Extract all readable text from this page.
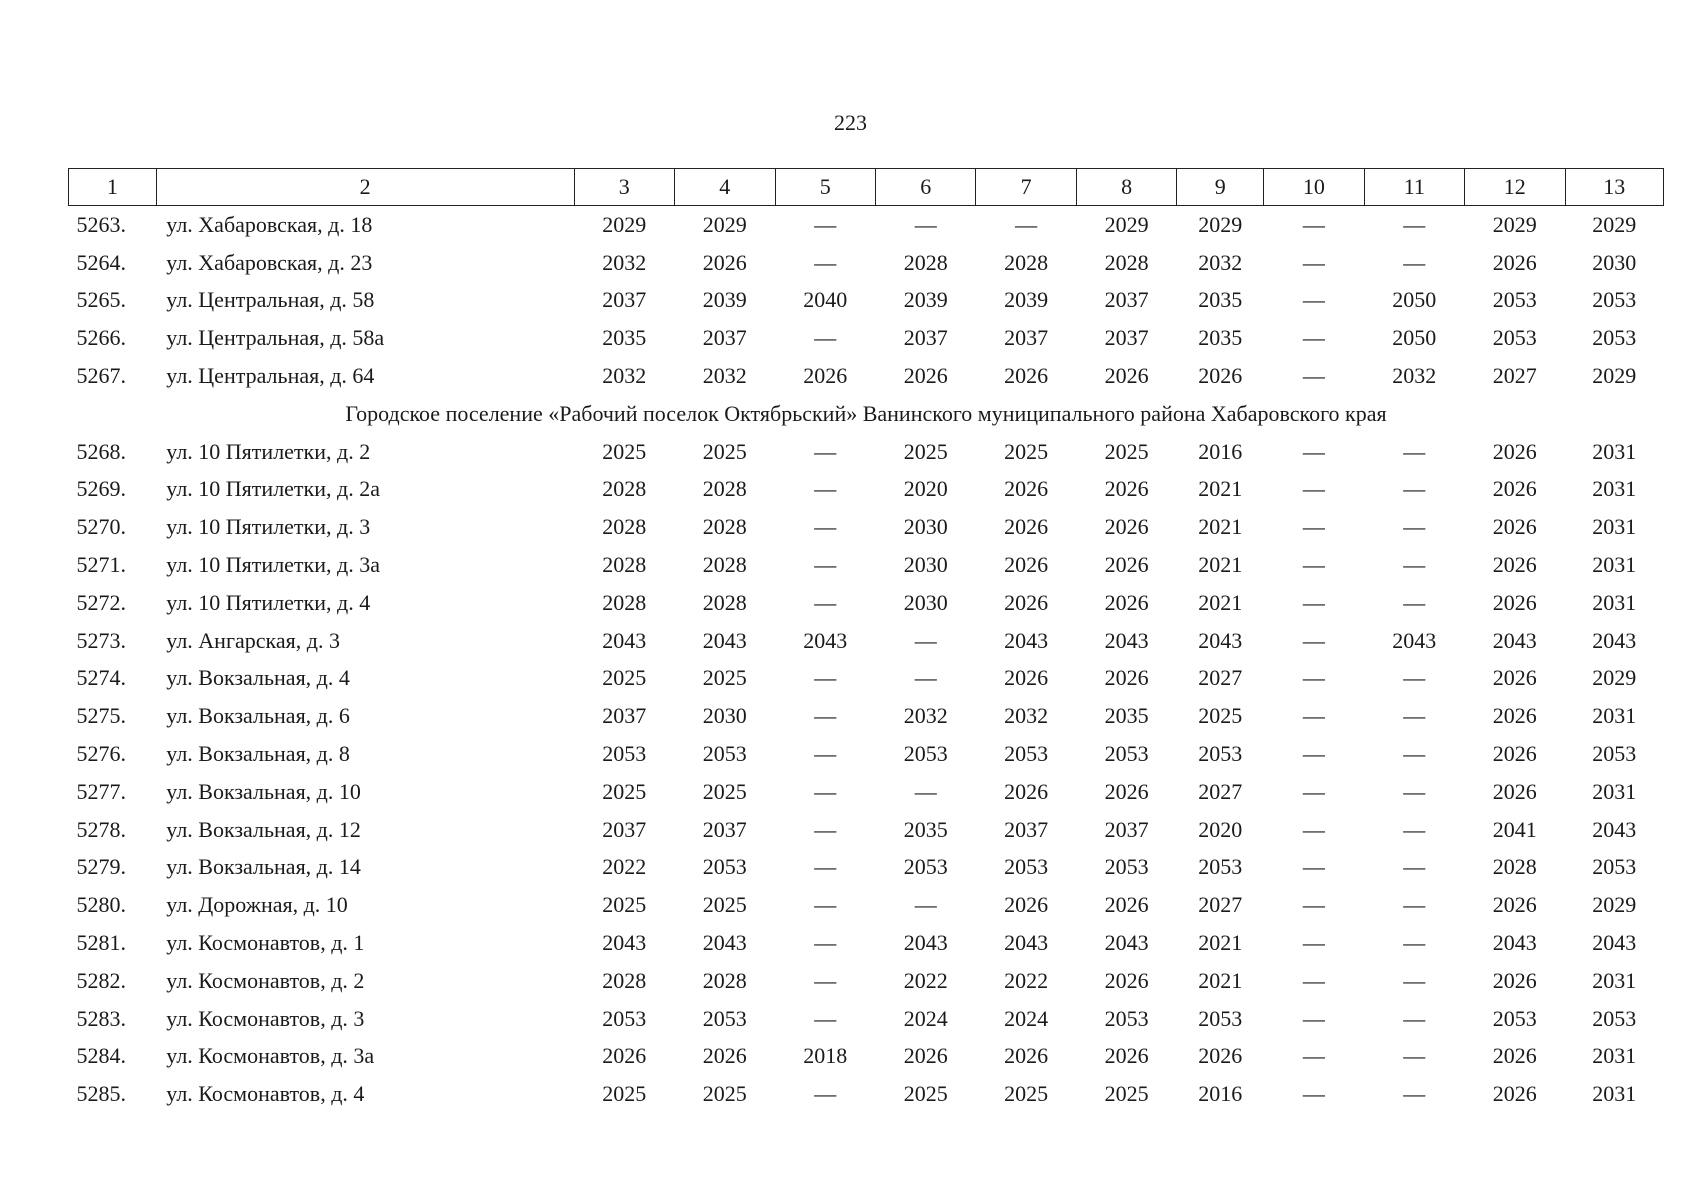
223
1	2	3	4	5	6	7	8	9	10	11	12	13
5263.	ул. Хабаровская, д. 18	2029	2029	—	—	—	2029	2029	—	—	2029	2029
5264.	ул. Хабаровская, д. 23	2032	2026	—	2028	2028	2028	2032	—	—	2026	2030
5265.	ул. Центральная, д. 58	2037	2039	2040	2039	2039	2037	2035	—	2050	2053	2053
5266.	ул. Центральная, д. 58а	2035	2037	—	2037	2037	2037	2035	—	2050	2053	2053
5267.	ул. Центральная, д. 64	2032	2032	2026	2026	2026	2026	2026	—	2032	2027	2029
Городское поселение «Рабочий поселок Октябрьский» Ванинского муниципального района Хабаровского края												
5268.	ул. 10 Пятилетки, д. 2	2025	2025	—	2025	2025	2025	2016	—	—	2026	2031
5269.	ул. 10 Пятилетки, д. 2а	2028	2028	—	2020	2026	2026	2021	—	—	2026	2031
5270.	ул. 10 Пятилетки, д. 3	2028	2028	—	2030	2026	2026	2021	—	—	2026	2031
5271.	ул. 10 Пятилетки, д. 3а	2028	2028	—	2030	2026	2026	2021	—	—	2026	2031
5272.	ул. 10 Пятилетки, д. 4	2028	2028	—	2030	2026	2026	2021	—	—	2026	2031
5273.	ул. Ангарская, д. 3	2043	2043	2043	—	2043	2043	2043	—	2043	2043	2043
5274.	ул. Вокзальная, д. 4	2025	2025	—	—	2026	2026	2027	—	—	2026	2029
5275.	ул. Вокзальная, д. 6	2037	2030	—	2032	2032	2035	2025	—	—	2026	2031
5276.	ул. Вокзальная, д. 8	2053	2053	—	2053	2053	2053	2053	—	—	2026	2053
5277.	ул. Вокзальная, д. 10	2025	2025	—	—	2026	2026	2027	—	—	2026	2031
5278.	ул. Вокзальная, д. 12	2037	2037	—	2035	2037	2037	2020	—	—	2041	2043
5279.	ул. Вокзальная, д. 14	2022	2053	—	2053	2053	2053	2053	—	—	2028	2053
5280.	ул. Дорожная, д. 10	2025	2025	—	—	2026	2026	2027	—	—	2026	2029
5281.	ул. Космонавтов, д. 1	2043	2043	—	2043	2043	2043	2021	—	—	2043	2043
5282.	ул. Космонавтов, д. 2	2028	2028	—	2022	2022	2026	2021	—	—	2026	2031
5283.	ул. Космонавтов, д. 3	2053	2053	—	2024	2024	2053	2053	—	—	2053	2053
5284.	ул. Космонавтов, д. 3а	2026	2026	2018	2026	2026	2026	2026	—	—	2026	2031
5285.	ул. Космонавтов, д. 4	2025	2025	—	2025	2025	2025	2016	—	—	2026	2031
